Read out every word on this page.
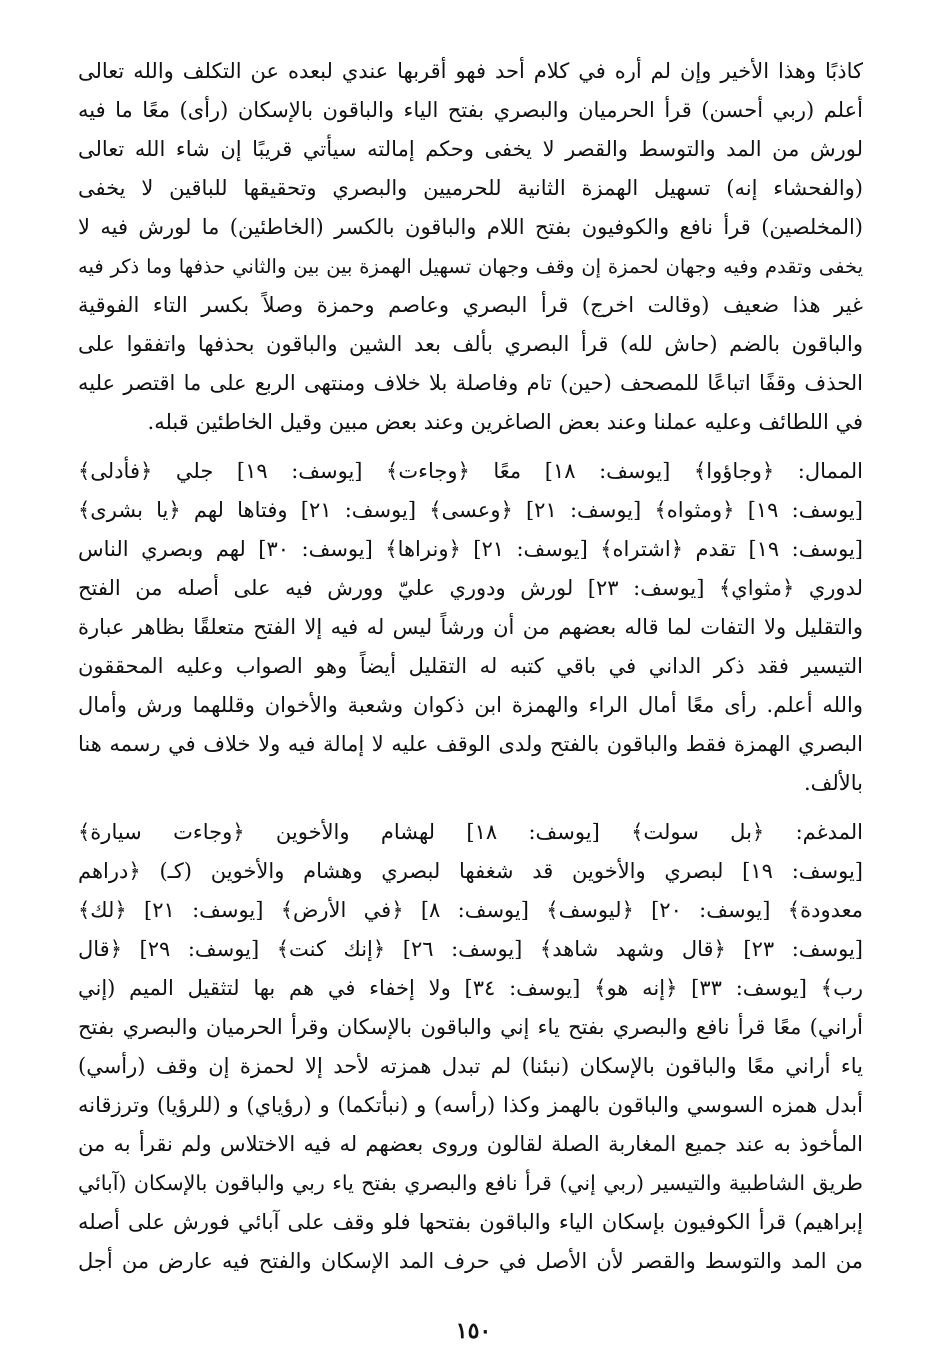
كاذبًا وهذا الأخير وإن لم أره في كلام أحد فهو أقربها عندي لبعده عن التكلف والله تعالى
أعلم (ربي أحسن) قرأ الحرميان والبصري بفتح الياء والباقون بالإسكان (رأى) معًا ما فيه
لورش من المد والتوسط والقصر لا يخفى وحكم إمالته سيأتي قريبًا إن شاء الله تعالى
(والفحشاء إنه) تسهيل الهمزة الثانية للحرميين والبصري وتحقيقها للباقين لا يخفى
(المخلصين) قرأ نافع والكوفيون بفتح اللام والباقون بالكسر (الخاطئين) ما لورش فيه لا
يخفى وتقدم وفيه وجهان لحمزة إن وقف وجهان تسهيل الهمزة بين بين والثاني حذفها وما ذكر فيه
غير هذا ضعيف (وقالت اخرج) قرأ البصري وعاصم وحمزة وصلاً بكسر التاء الفوقية
والباقون بالضم (حاش لله) قرأ البصري بألف بعد الشين والباقون بحذفها واتفقوا على
الحذف وقفًا اتباعًا للمصحف (حين) تام وفاصلة بلا خلاف ومنتهى الربع على ما اقتصر عليه
في اللطائف وعليه عملنا وعند بعض الصاغرين وعند بعض مبين وقيل الخاطئين قبله.
الممال: ﴿وجاؤوا﴾ [يوسف: ١٨] معًا ﴿وجاءت﴾ [يوسف: ١٩] جلي ﴿فأدلى﴾
[يوسف: ١٩] ﴿ومثواه﴾ [يوسف: ٢١] ﴿وعسى﴾ [يوسف: ٢١] وفتاها لهم ﴿يا بشرى﴾
[يوسف: ١٩] تقدم ﴿اشتراه﴾ [يوسف: ٢١] ﴿ونراها﴾ [يوسف: ٣٠] لهم وبصري الناس
لدوري ﴿مثواي﴾ [يوسف: ٢٣] لورش ودوري عليّ وورش فيه على أصله من الفتح
والتقليل ولا التفات لما قاله بعضهم من أن ورشاً ليس له فيه إلا الفتح متعلقًا بظاهر عبارة
التيسير فقد ذكر الداني في باقي كتبه له التقليل أيضاً وهو الصواب وعليه المحققون
والله أعلم. رأى معًا أمال الراء والهمزة ابن ذكوان وشعبة والأخوان وقللهما ورش وأمال
البصري الهمزة فقط والباقون بالفتح ولدى الوقف عليه لا إمالة فيه ولا خلاف في رسمه هنا
بالألف.
المدغم: ﴿بل سولت﴾ [يوسف: ١٨] لهشام والأخوين ﴿وجاءت سيارة﴾
[يوسف: ١٩] لبصري والأخوين قد شغفها لبصري وهشام والأخوين (كـ) ﴿دراهم
معدودة﴾ [يوسف: ٢٠] ﴿ليوسف﴾ [يوسف: ٨] ﴿في الأرض﴾ [يوسف: ٢١] ﴿لك﴾
[يوسف: ٢٣] ﴿قال وشهد شاهد﴾ [يوسف: ٢٦] ﴿إنك كنت﴾ [يوسف: ٢٩] ﴿قال
رب﴾ [يوسف: ٣٣] ﴿إنه هو﴾ [يوسف: ٣٤] ولا إخفاء في هم بها لتثقيل الميم (إني
أراني) معًا قرأ نافع والبصري بفتح ياء إني والباقون بالإسكان وقرأ الحرميان والبصري بفتح
ياء أراني معًا والباقون بالإسكان (نبئنا) لم تبدل همزته لأحد إلا لحمزة إن وقف (رأسي)
أبدل همزه السوسي والباقون بالهمز وكذا (رأسه) و (نبأتكما) و (رؤياي) و (للرؤيا) وترزقانه
المأخوذ به عند جميع المغاربة الصلة لقالون وروى بعضهم له فيه الاختلاس ولم نقرأ به من
طريق الشاطبية والتيسير (ربي إني) قرأ نافع والبصري بفتح ياء ربي والباقون بالإسكان (آبائي
إبراهيم) قرأ الكوفيون بإسكان الياء والباقون بفتحها فلو وقف على آبائي فورش على أصله
من المد والتوسط والقصر لأن الأصل في حرف المد الإسكان والفتح فيه عارض من أجل
١٥٠
